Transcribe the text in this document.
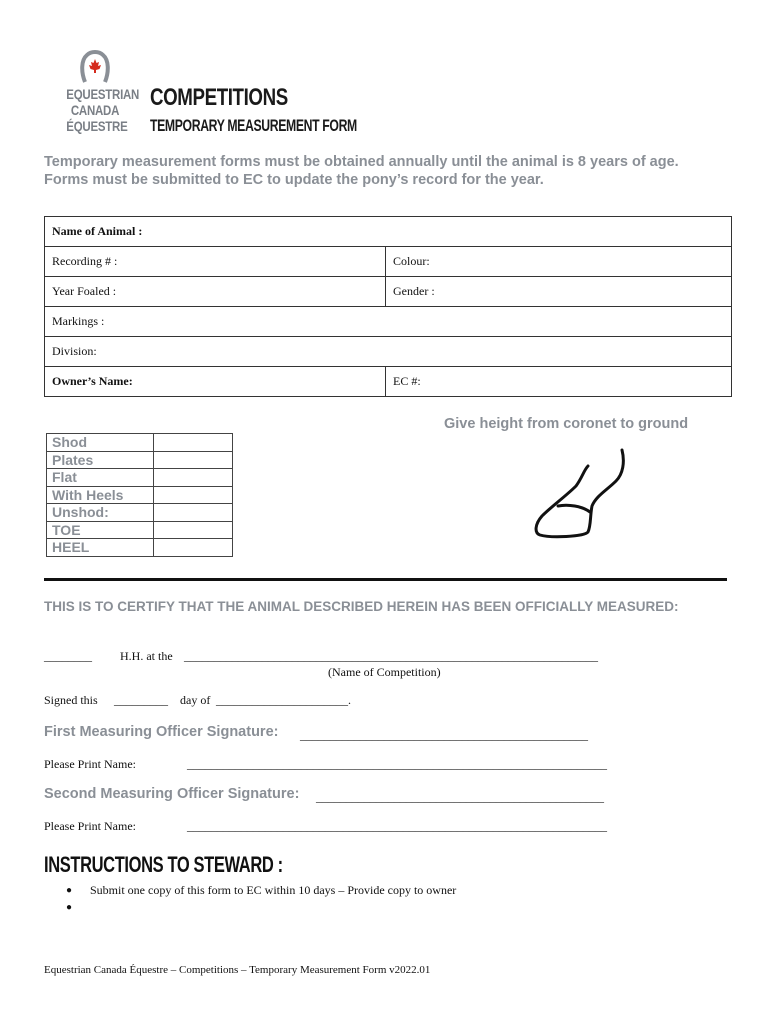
EQUESTRIAN
CANADA
ÉQUESTRE
COMPETITIONS
TEMPORARY MEASUREMENT FORM
Temporary measurement forms must be obtained annually until the animal is 8 years of age.
Forms must be submitted to EC to update the pony’s record for the year.
Name of Animal :	
Recording # :	Colour:
Year Foaled :	Gender :
Markings :	
Division:	
Owner’s Name:	EC #:
Give height from coronet to ground
Shod	
Plates	
Flat	
With Heels	
Unshod:	
TOE	
HEEL	
THIS IS TO CERTIFY THAT THE ANIMAL DESCRIBED HEREIN HAS BEEN OFFICIALLY MEASURED:
________ H.H. at the _____________________________________________________________________
(Name of Competition)
Signed this _________ day of ______________________.
First Measuring Officer Signature: ________________________________________________
Please Print Name:	______________________________________________________________________
Second Measuring Officer Signature: ________________________________________________
Please Print Name:	______________________________________________________________________
INSTRUCTIONS TO STEWARD :
●	Submit one copy of this form to EC within 10 days – Provide copy to owner
●
Equestrian Canada Équestre – Competitions – Temporary Measurement Form v2022.01
